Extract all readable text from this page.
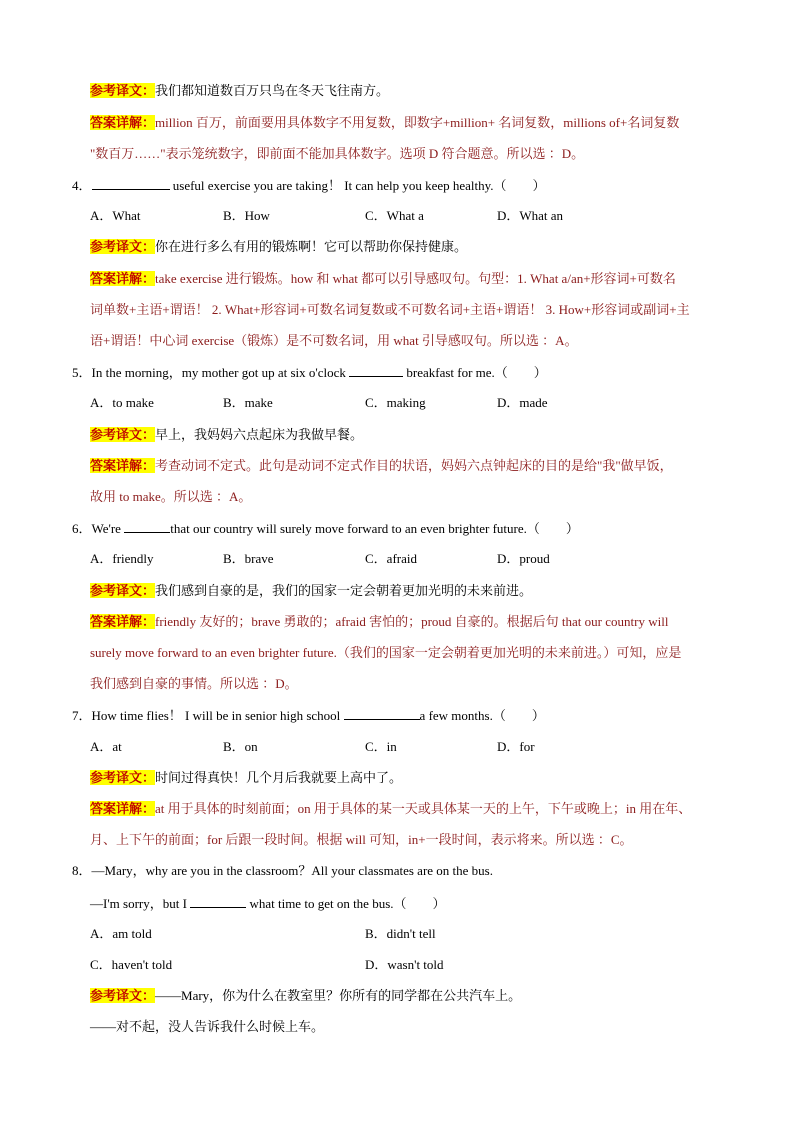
参考译文：我们都知道数百万只鸟在冬天飞往南方。
答案详解：million 百万，前面要用具体数字不用复数，即数字+million+ 名词复数，millions of+名词复数
"数百万……"表示笼统数字，即前面不能加具体数字。选项 D 符合题意。所以选 ：D。
4．	useful exercise you are taking！ It can help you keep healthy.（　　）
A．What	B．How	C．What a	D．What an
参考译文：你在进行多么有用的锻炼啊！它可以帮助你保持健康。
答案详解：take exercise 进行锻炼。how 和 what 都可以引导感叹句。句型：1. What a/an+形容词+可数名
词单数+主语+谓语！ 2. What+形容词+可数名词复数或不可数名词+主语+谓语！ 3. How+形容词或副词+主
语+谓语！中心词 exercise（锻炼）是不可数名词，用 what 引导感叹句。所以选 ：A。
5．In the morning，my mother got up at six o'clock	breakfast for me.（　　）
A．to make	B．make	C．making	D．made
参考译文：早上，我妈妈六点起床为我做早餐。
答案详解：考查动词不定式。此句是动词不定式作目的状语，妈妈六点钟起床的目的是给"我"做早饭，
故用 to make。所以选 ：A。
6．We're	that our country will surely move forward to an even brighter future.（　　）
A．friendly	B．brave	C．afraid	D．proud
参考译文：我们感到自豪的是，我们的国家一定会朝着更加光明的未来前进。
答案详解：friendly 友好的；brave 勇敢的；afraid 害怕的；proud 自豪的。根据后句 that our country will
surely move forward to an even brighter future.（我们的国家一定会朝着更加光明的未来前进。）可知，应是
我们感到自豪的事情。所以选 ：D。
7．How time flies！ I will be in senior high school	a few months.（　　）
A．at	B．on	C．in	D．for
参考译文：时间过得真快！几个月后我就要上高中了。
答案详解：at 用于具体的时刻前面；on 用于具体的某一天或具体某一天的上午，下午或晚上；in 用在年、
月、上下午的前面；for 后跟一段时间。根据 will 可知，in+一段时间，表示将来。所以选 ：C。
8．—Mary，why are you in the classroom？All your classmates are on the bus.
—I'm sorry，but I	what time to get on the bus.（　　）
A．am told	B．didn't tell
C．haven't told	D．wasn't told
参考译文：——Mary，你为什么在教室里？你所有的同学都在公共汽车上。
——对不起，没人告诉我什么时候上车。
